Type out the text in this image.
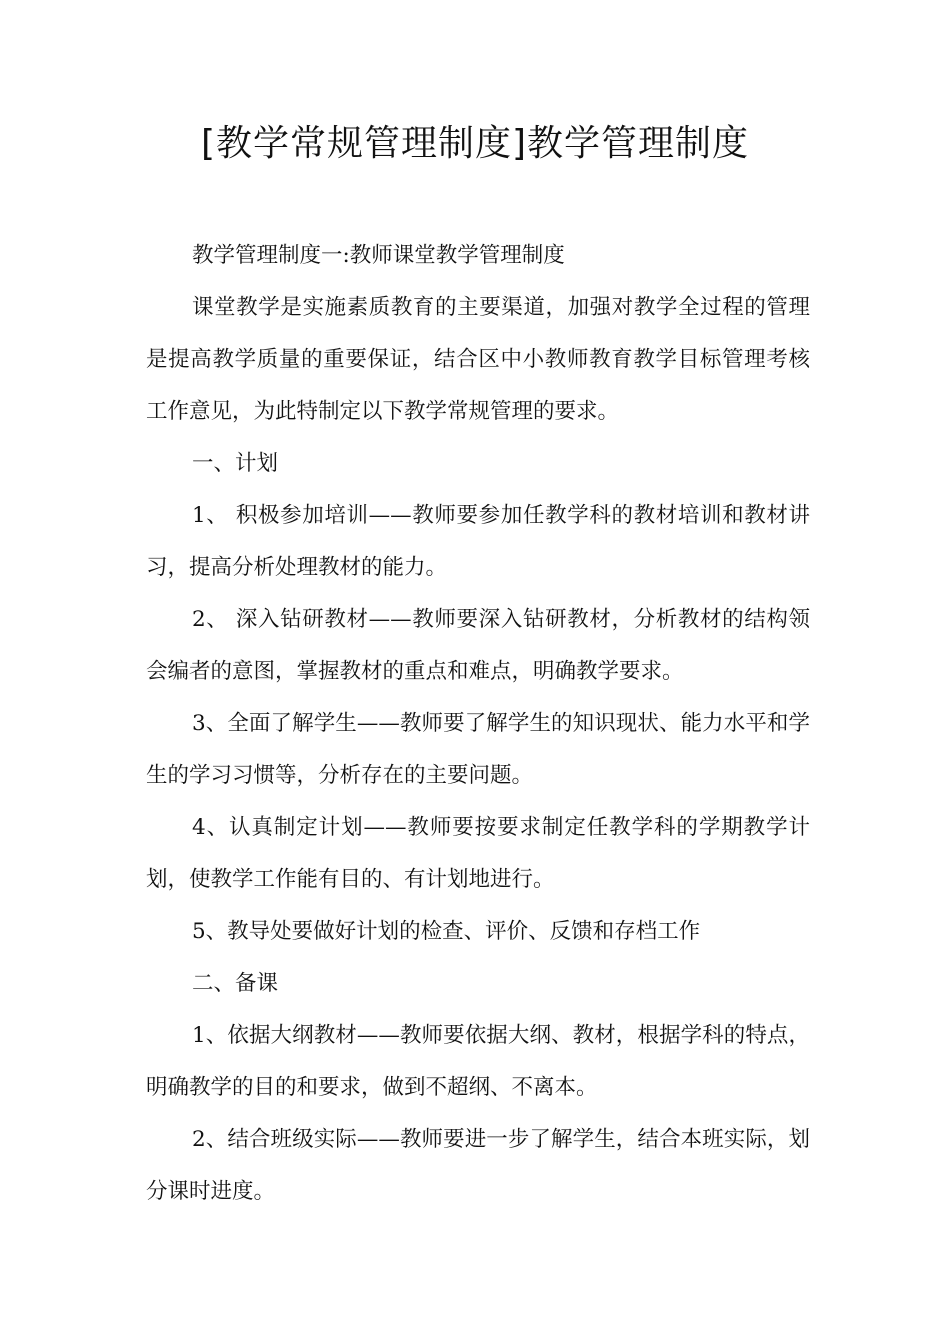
[教学常规管理制度]教学管理制度

教学管理制度一:教师课堂教学管理制度

课堂教学是实施素质教育的主要渠道，加强对教学全过程的管理是提高教学质量的重要保证，结合区中小教师教育教学目标管理考核工作意见，为此特制定以下教学常规管理的要求。

一、计划

1、 积极参加培训——教师要参加任教学科的教材培训和教材讲习，提高分析处理教材的能力。

2、 深入钻研教材——教师要深入钻研教材，分析教材的结构领会编者的意图，掌握教材的重点和难点，明确教学要求。

3、全面了解学生——教师要了解学生的知识现状、能力水平和学生的学习习惯等，分析存在的主要问题。

4、认真制定计划——教师要按要求制定任教学科的学期教学计划，使教学工作能有目的、有计划地进行。

5、教导处要做好计划的检查、评价、反馈和存档工作

二、备课

1、依据大纲教材——教师要依据大纲、教材，根据学科的特点，明确教学的目的和要求，做到不超纲、不离本。

2、结合班级实际——教师要进一步了解学生，结合本班实际，划分课时进度。
